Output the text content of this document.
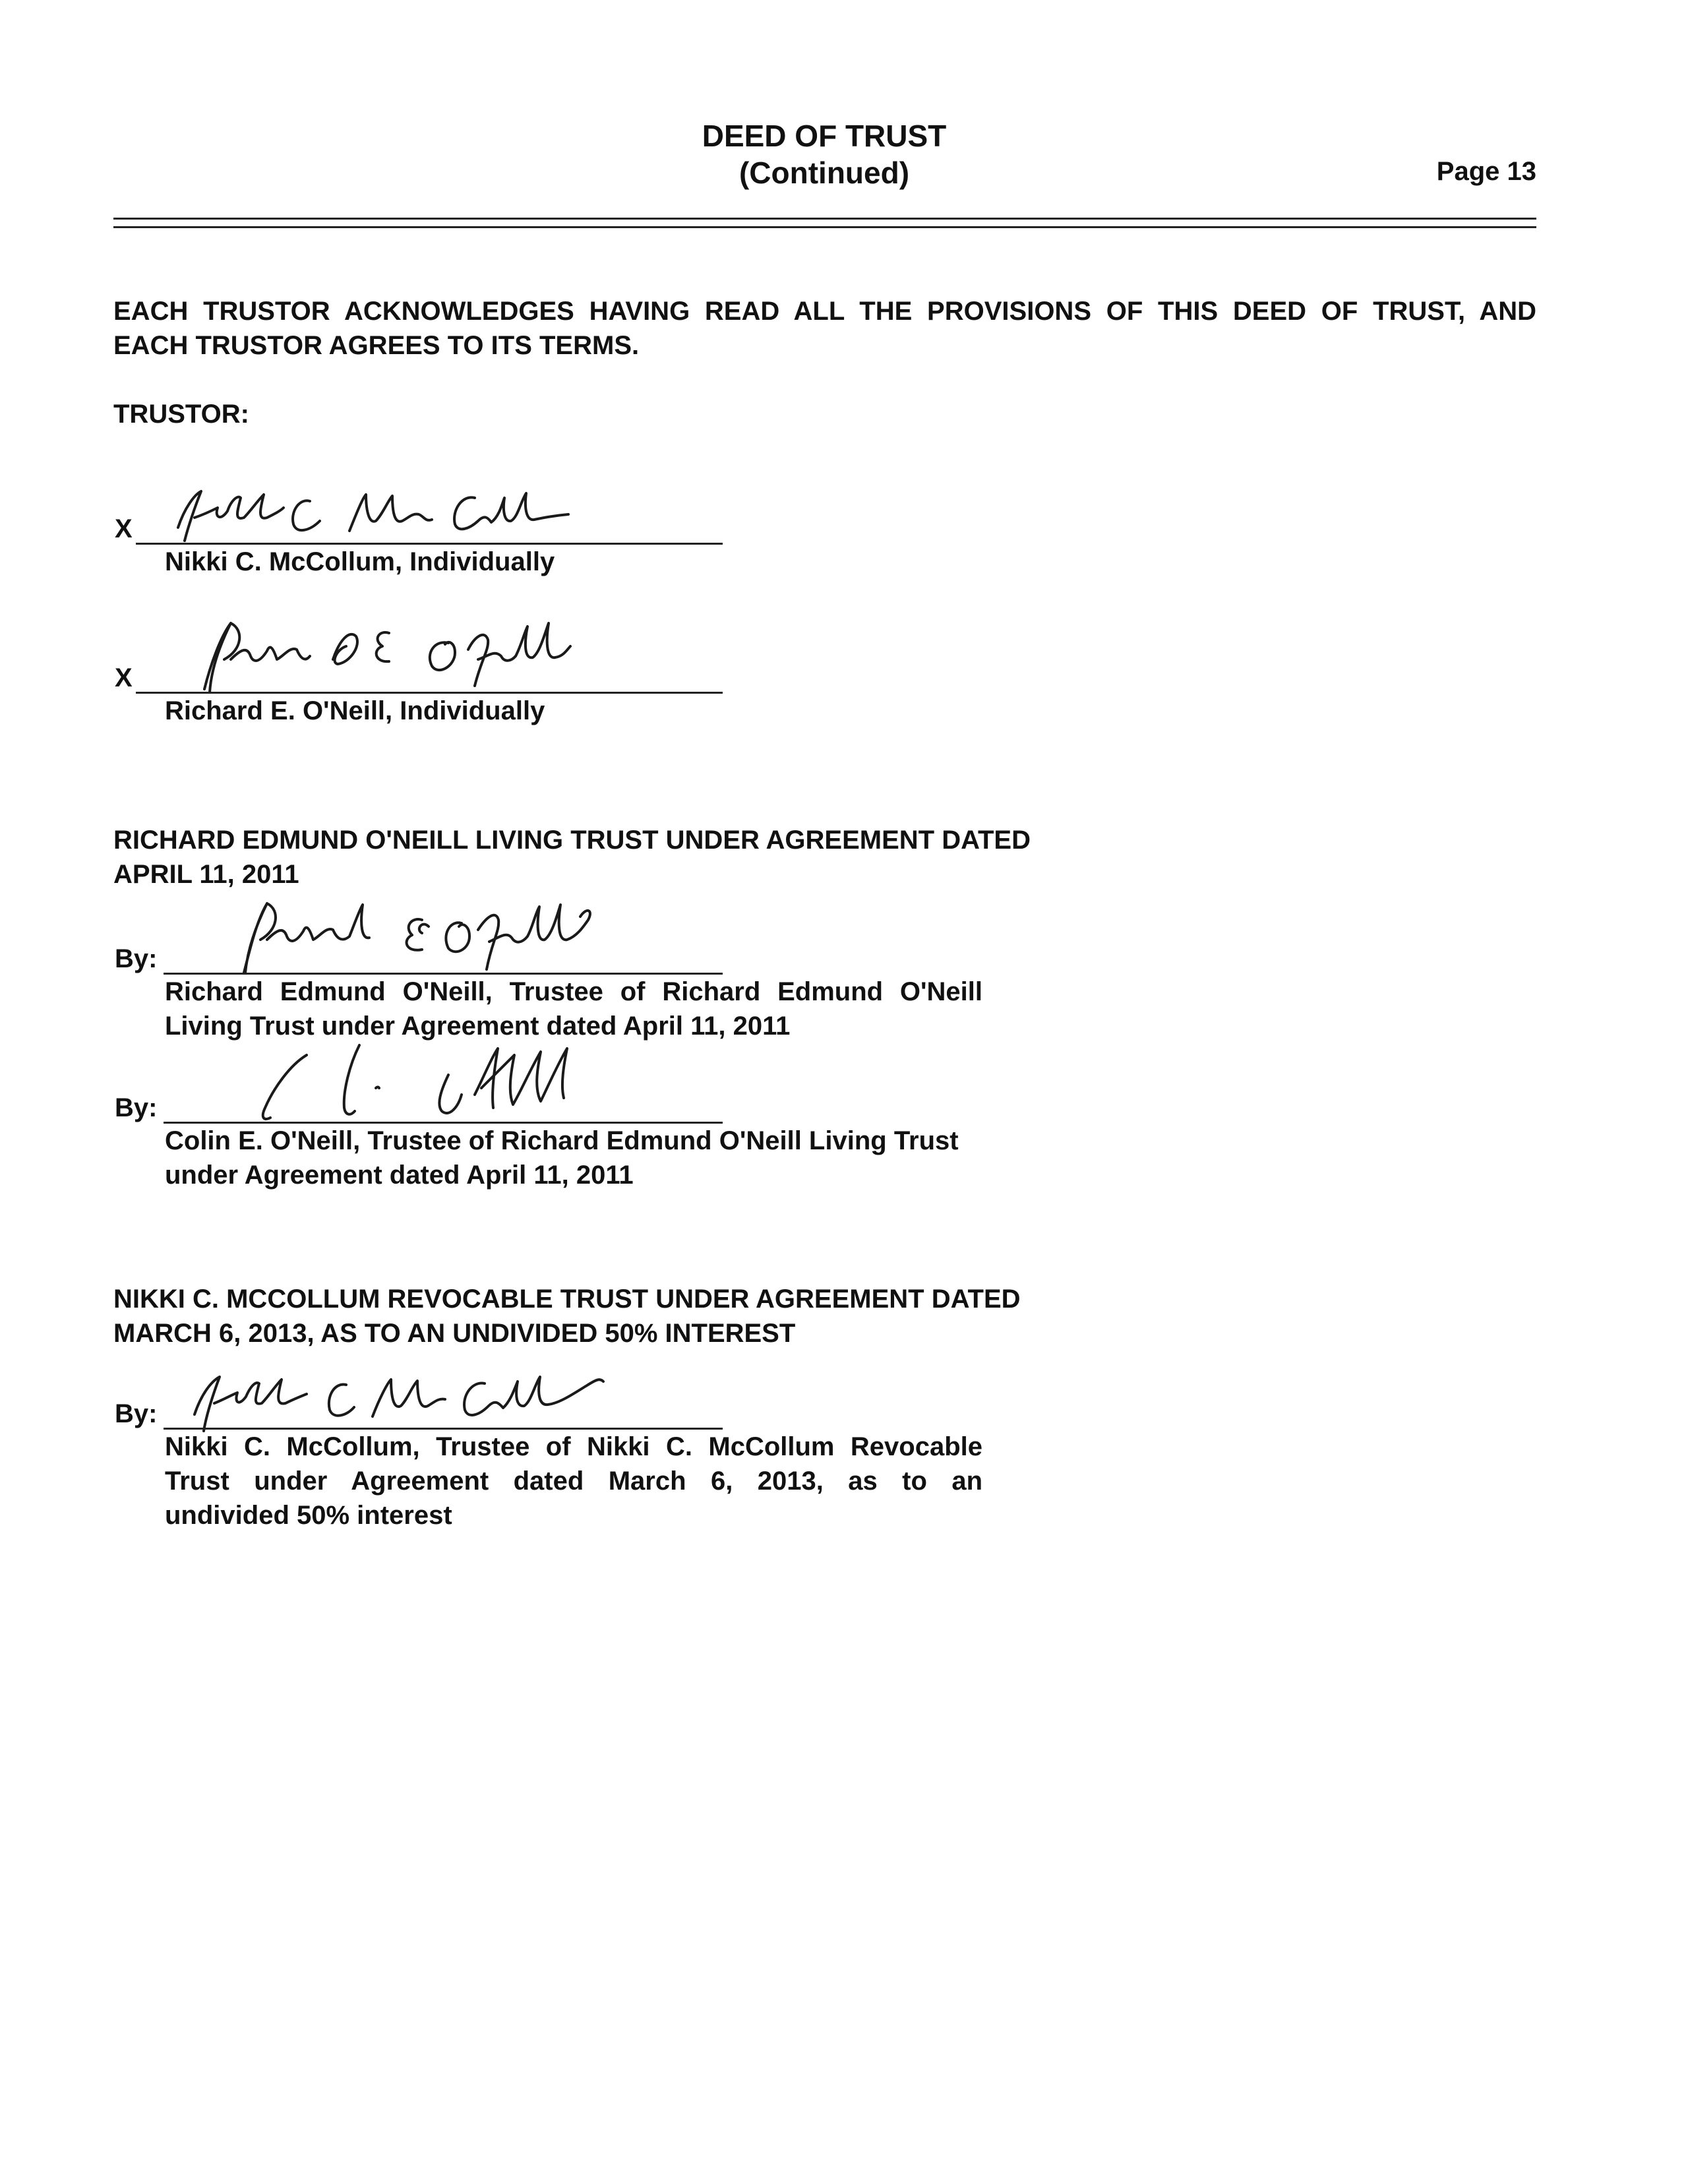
DEED OF TRUST
(Continued)	Page 13
EACH TRUSTOR ACKNOWLEDGES HAVING READ ALL THE PROVISIONS OF THIS DEED OF TRUST, AND
EACH TRUSTOR AGREES TO ITS TERMS.
TRUSTOR:
X
Nikki C. McCollum, Individually
X
Richard E. O'Neill, Individually
RICHARD EDMUND O'NEILL LIVING TRUST UNDER AGREEMENT DATED
APRIL 11, 2011
By:
Richard Edmund O'Neill, Trustee of Richard Edmund O'Neill
Living Trust under Agreement dated April 11, 2011
By:
Colin E. O'Neill, Trustee of Richard Edmund O'Neill Living Trust
under Agreement dated April 11, 2011
NIKKI C. MCCOLLUM REVOCABLE TRUST UNDER AGREEMENT DATED
MARCH 6, 2013, AS TO AN UNDIVIDED 50% INTEREST
By:
Nikki C. McCollum, Trustee of Nikki C. McCollum Revocable
Trust under Agreement dated March 6, 2013, as to an
undivided 50% interest
